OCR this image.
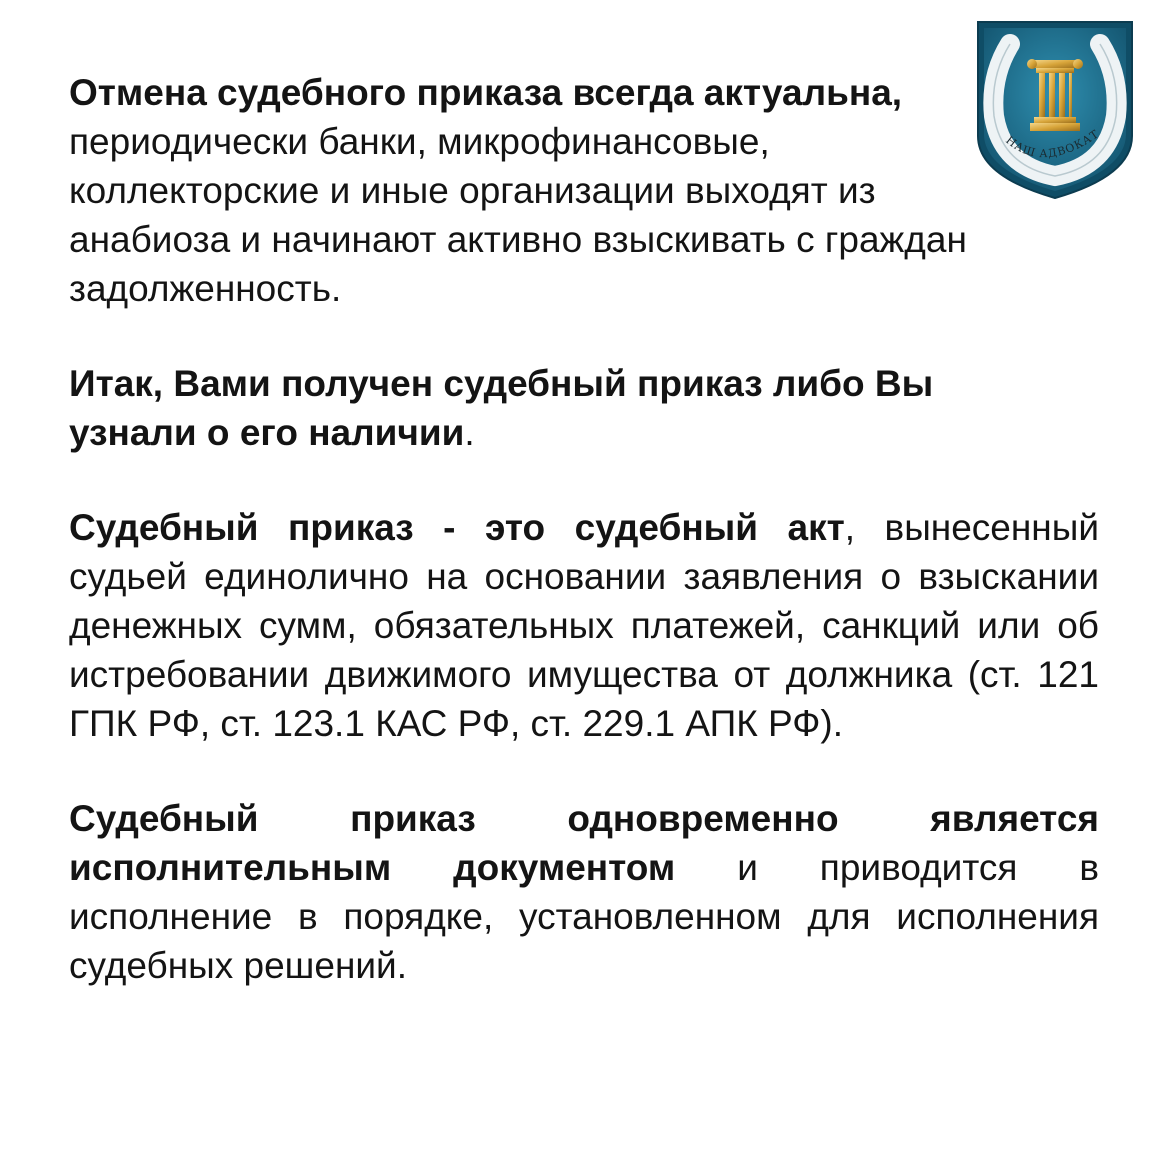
Отмена судебного приказа всегда актуальна, периодически банки, микрофинансовые, коллекторские и иные организации выходят из анабиоза и начинают активно взыскивать с граждан задолженность.

Итак, Вами получен судебный приказ либо Вы узнали о его наличии.

Судебный приказ - это судебный акт, вынесенный судьей единолично на основании заявления о взыскании денежных сумм, обязательных платежей, санкций или об истребовании движимого имущества от должника (ст. 121 ГПК РФ, ст. 123.1 КАС РФ, ст. 229.1 АПК РФ).

Судебный приказ одновременно является исполнительным документом и приводится в исполнение в порядке, установленном для исполнения судебных решений.

НАШ АДВОКАТ
